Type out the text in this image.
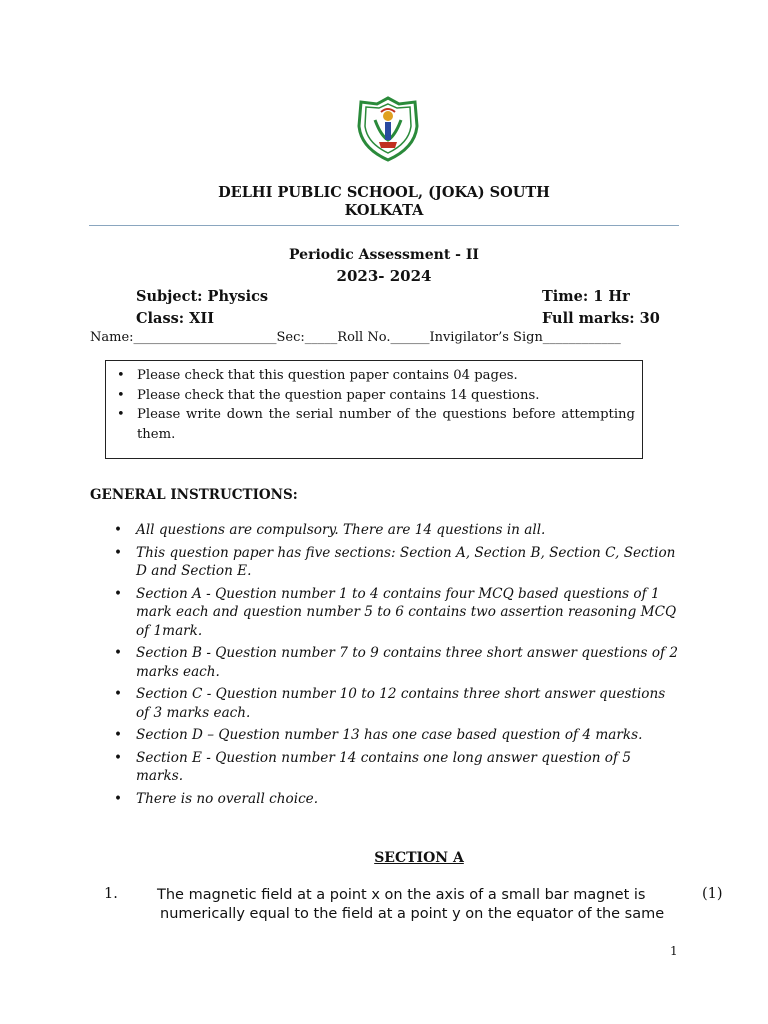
DELHI PUBLIC SCHOOL, (JOKA) SOUTH
KOLKATA
Periodic Assessment - II
2023- 2024
Subject: Physics	Time: 1 Hr
Class: XII	Full marks: 30
Name:______________________Sec:_____Roll No.______Invigilator’s Sign____________
• Please check that this question paper contains 04 pages.
• Please check that the question paper contains 14 questions.
• Please write down the serial number of the questions before attempting them.
GENERAL INSTRUCTIONS:
• All questions are compulsory. There are 14 questions in all.
• This question paper has five sections: Section A, Section B, Section C, Section D and Section E.
• Section A - Question number 1 to 4 contains four MCQ based questions of 1 mark each and question number 5 to 6 contains two assertion reasoning MCQ of 1mark.
• Section B - Question number 7 to 9 contains three short answer questions of 2 marks each.
• Section C - Question number 10 to 12 contains three short answer questions of 3 marks each.
• Section D – Question number 13 has one case based question of 4 marks.
• Section E - Question number 14 contains one long answer question of 5 marks.
• There is no overall choice.
SECTION A
1.	The magnetic field at a point x on the axis of a small bar magnet is
numerically equal to the field at a point y on the equator of the same
(1)
1
